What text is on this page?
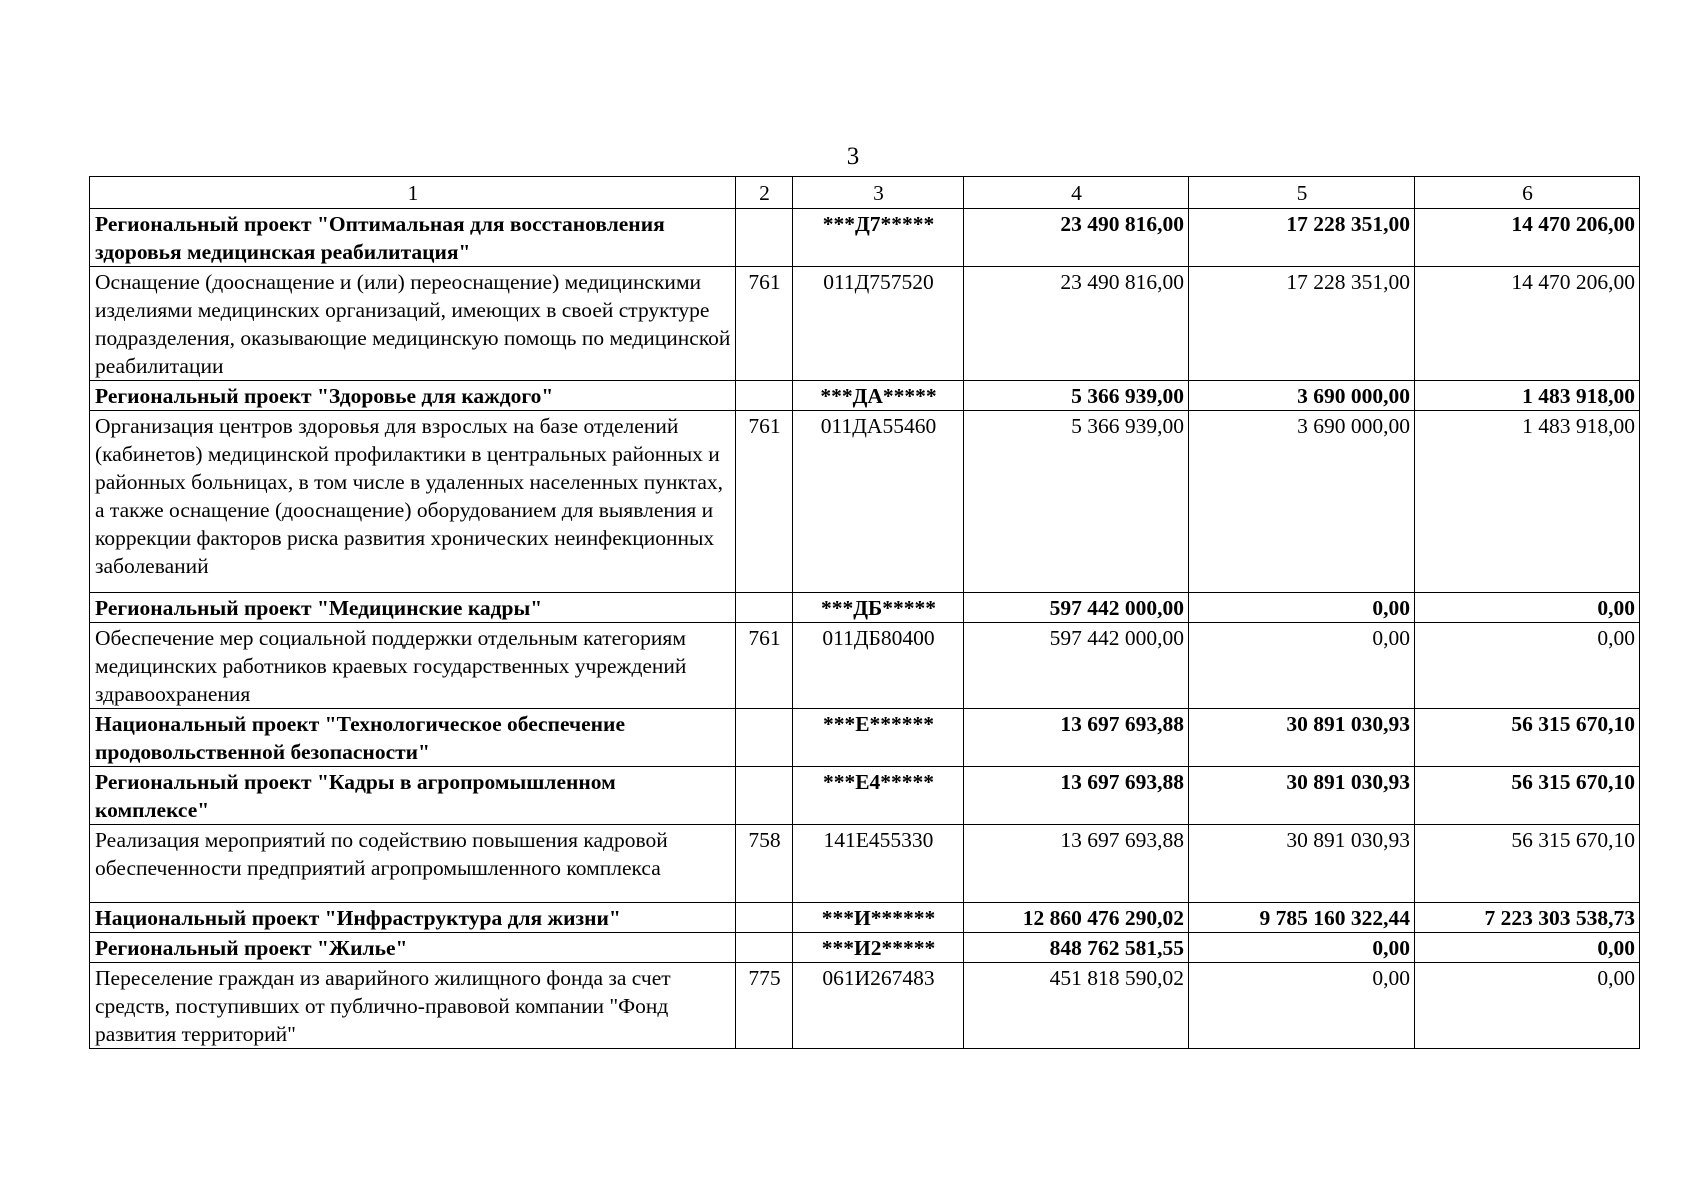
3
1	2	3	4	5	6
Региональный проект "Оптимальная для восстановления здоровья медицинская реабилитация"		***Д7*****	23 490 816,00	17 228 351,00	14 470 206,00
Оснащение (дооснащение и (или) переоснащение) медицинскими изделиями медицинских организаций, имеющих в своей структуре подразделения, оказывающие медицинскую помощь по медицинской реабилитации	761	011Д757520	23 490 816,00	17 228 351,00	14 470 206,00
Региональный проект "Здоровье для каждого"		***ДА*****	5 366 939,00	3 690 000,00	1 483 918,00
Организация центров здоровья для взрослых на базе отделений (кабинетов) медицинской профилактики в центральных районных и районных больницах, в том числе в удаленных населенных пунктах, а также оснащение (дооснащение) оборудованием для выявления и коррекции факторов риска развития хронических неинфекционных заболеваний	761	011ДА55460	5 366 939,00	3 690 000,00	1 483 918,00
Региональный проект "Медицинские кадры"		***ДБ*****	597 442 000,00	0,00	0,00
Обеспечение мер социальной поддержки отдельным категориям медицинских работников краевых государственных учреждений здравоохранения	761	011ДБ80400	597 442 000,00	0,00	0,00
Национальный проект "Технологическое обеспечение продовольственной безопасности"		***Е******	13 697 693,88	30 891 030,93	56 315 670,10
Региональный проект "Кадры в агропромышленном комплексе"		***Е4*****	13 697 693,88	30 891 030,93	56 315 670,10
Реализация мероприятий по содействию повышения кадровой обеспеченности предприятий агропромышленного комплекса	758	141Е455330	13 697 693,88	30 891 030,93	56 315 670,10
Национальный проект "Инфраструктура для жизни"		***И******	12 860 476 290,02	9 785 160 322,44	7 223 303 538,73
Региональный проект "Жилье"		***И2*****	848 762 581,55	0,00	0,00
Переселение граждан из аварийного жилищного фонда за счет средств, поступивших от публично-правовой компании "Фонд развития территорий"	775	061И267483	451 818 590,02	0,00	0,00
